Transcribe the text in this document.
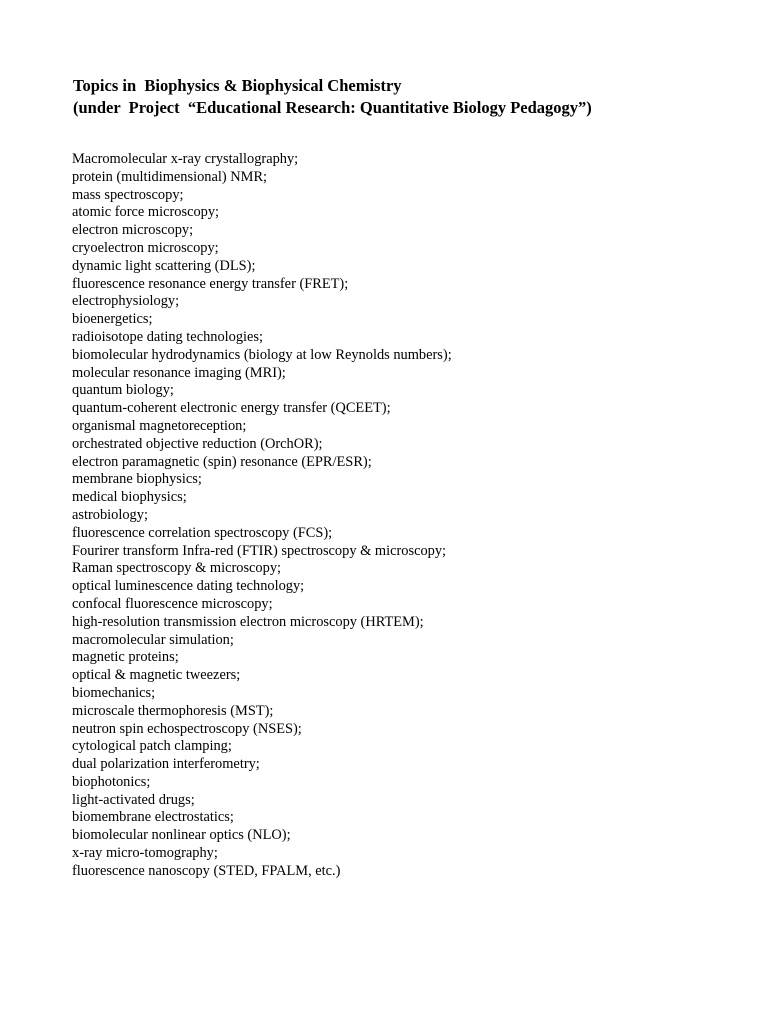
Topics in  Biophysics & Biophysical Chemistry
(under  Project  “Educational Research: Quantitative Biology Pedagogy”)
Macromolecular x-ray crystallography;
protein (multidimensional) NMR;
mass spectroscopy;
atomic force microscopy;
electron microscopy;
cryoelectron microscopy;
dynamic light scattering (DLS);
fluorescence resonance energy transfer (FRET);
electrophysiology;
bioenergetics;
radioisotope dating technologies;
biomolecular hydrodynamics (biology at low Reynolds numbers);
molecular resonance imaging (MRI);
quantum biology;
quantum-coherent electronic energy transfer (QCEET);
organismal magnetoreception;
orchestrated objective reduction (OrchOR);
electron paramagnetic (spin) resonance (EPR/ESR);
membrane biophysics;
medical biophysics;
astrobiology;
fluorescence correlation spectroscopy (FCS);
Fourirer transform Infra-red (FTIR) spectroscopy & microscopy;
Raman spectroscopy & microscopy;
optical luminescence dating technology;
confocal fluorescence microscopy;
high-resolution transmission electron microscopy (HRTEM);
macromolecular simulation;
magnetic proteins;
optical & magnetic tweezers;
biomechanics;
microscale thermophoresis (MST);
neutron spin echospectroscopy (NSES);
cytological patch clamping;
dual polarization interferometry;
biophotonics;
light-activated drugs;
biomembrane electrostatics;
biomolecular nonlinear optics (NLO);
x-ray micro-tomography;
fluorescence nanoscopy (STED, FPALM, etc.)
